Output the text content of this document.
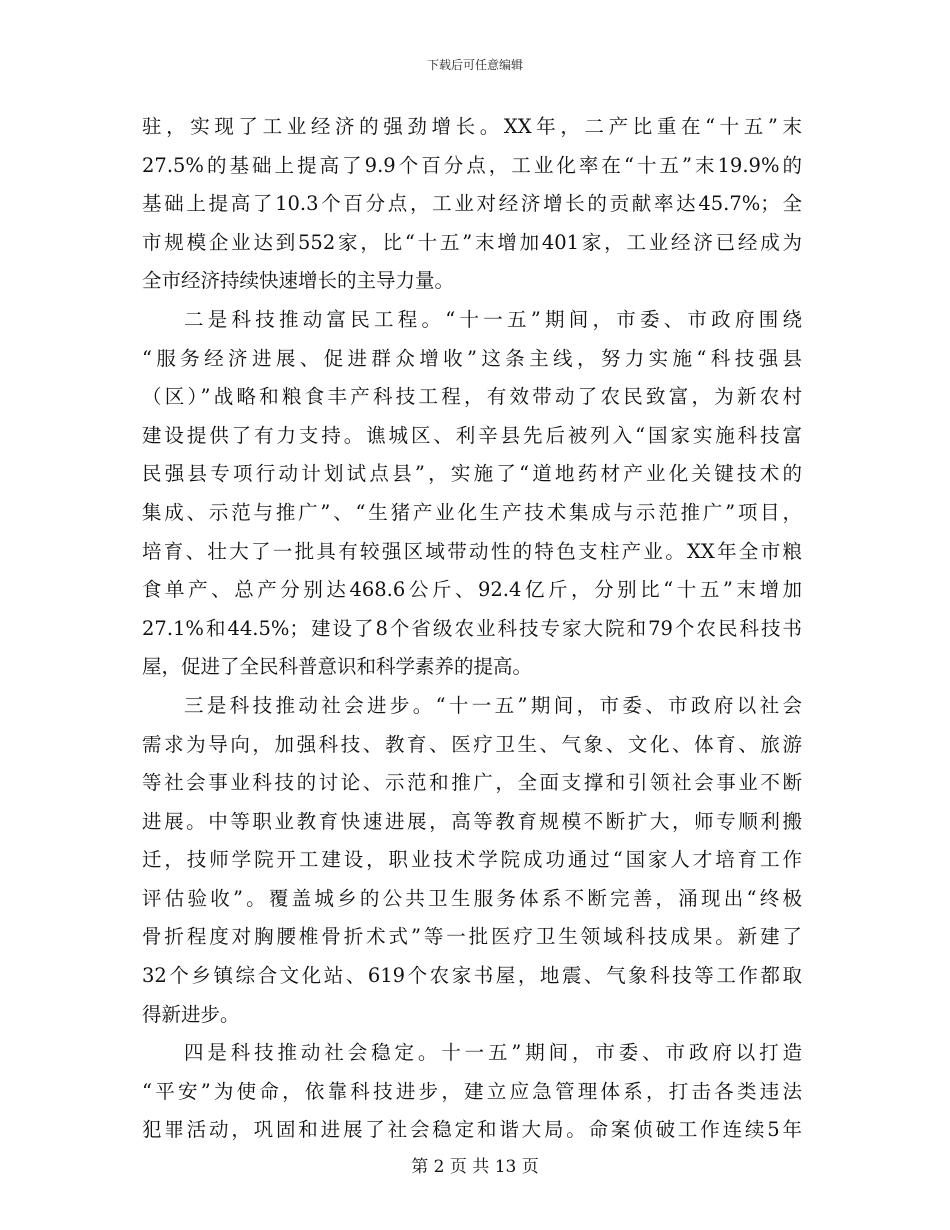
下载后可任意编辑
驻，实现了工业经济的强劲增长。XX年，二产比重在“十五”末
27.5%的基础上提高了9.9个百分点，工业化率在“十五”末19.9%的
基础上提高了10.3个百分点，工业对经济增长的贡献率达45.7%；全
市规模企业达到552家，比“十五”末增加401家，工业经济已经成为
全市经济持续快速增长的主导力量。
二是科技推动富民工程。“十一五”期间，市委、市政府围绕
“服务经济进展、促进群众增收”这条主线，努力实施“科技强县
（区）”战略和粮食丰产科技工程，有效带动了农民致富，为新农村
建设提供了有力支持。谯城区、利辛县先后被列入“国家实施科技富
民强县专项行动计划试点县”，实施了“道地药材产业化关键技术的
集成、示范与推广”、“生猪产业化生产技术集成与示范推广”项目，
培育、壮大了一批具有较强区域带动性的特色支柱产业。XX年全市粮
食单产、总产分别达468.6公斤、92.4亿斤，分别比“十五”末增加
27.1%和44.5%；建设了8个省级农业科技专家大院和79个农民科技书
屋，促进了全民科普意识和科学素养的提高。
三是科技推动社会进步。“十一五”期间，市委、市政府以社会
需求为导向，加强科技、教育、医疗卫生、气象、文化、体育、旅游
等社会事业科技的讨论、示范和推广，全面支撑和引领社会事业不断
进展。中等职业教育快速进展，高等教育规模不断扩大，师专顺利搬
迁，技师学院开工建设，职业技术学院成功通过“国家人才培育工作
评估验收”。覆盖城乡的公共卫生服务体系不断完善，涌现出“终极
骨折程度对胸腰椎骨折术式”等一批医疗卫生领域科技成果。新建了
32个乡镇综合文化站、619个农家书屋，地震、气象科技等工作都取
得新进步。
四是科技推动社会稳定。十一五”期间，市委、市政府以打造
“平安”为使命，依靠科技进步，建立应急管理体系，打击各类违法
犯罪活动，巩固和进展了社会稳定和谐大局。命案侦破工作连续5年
第 2 页 共 13 页
